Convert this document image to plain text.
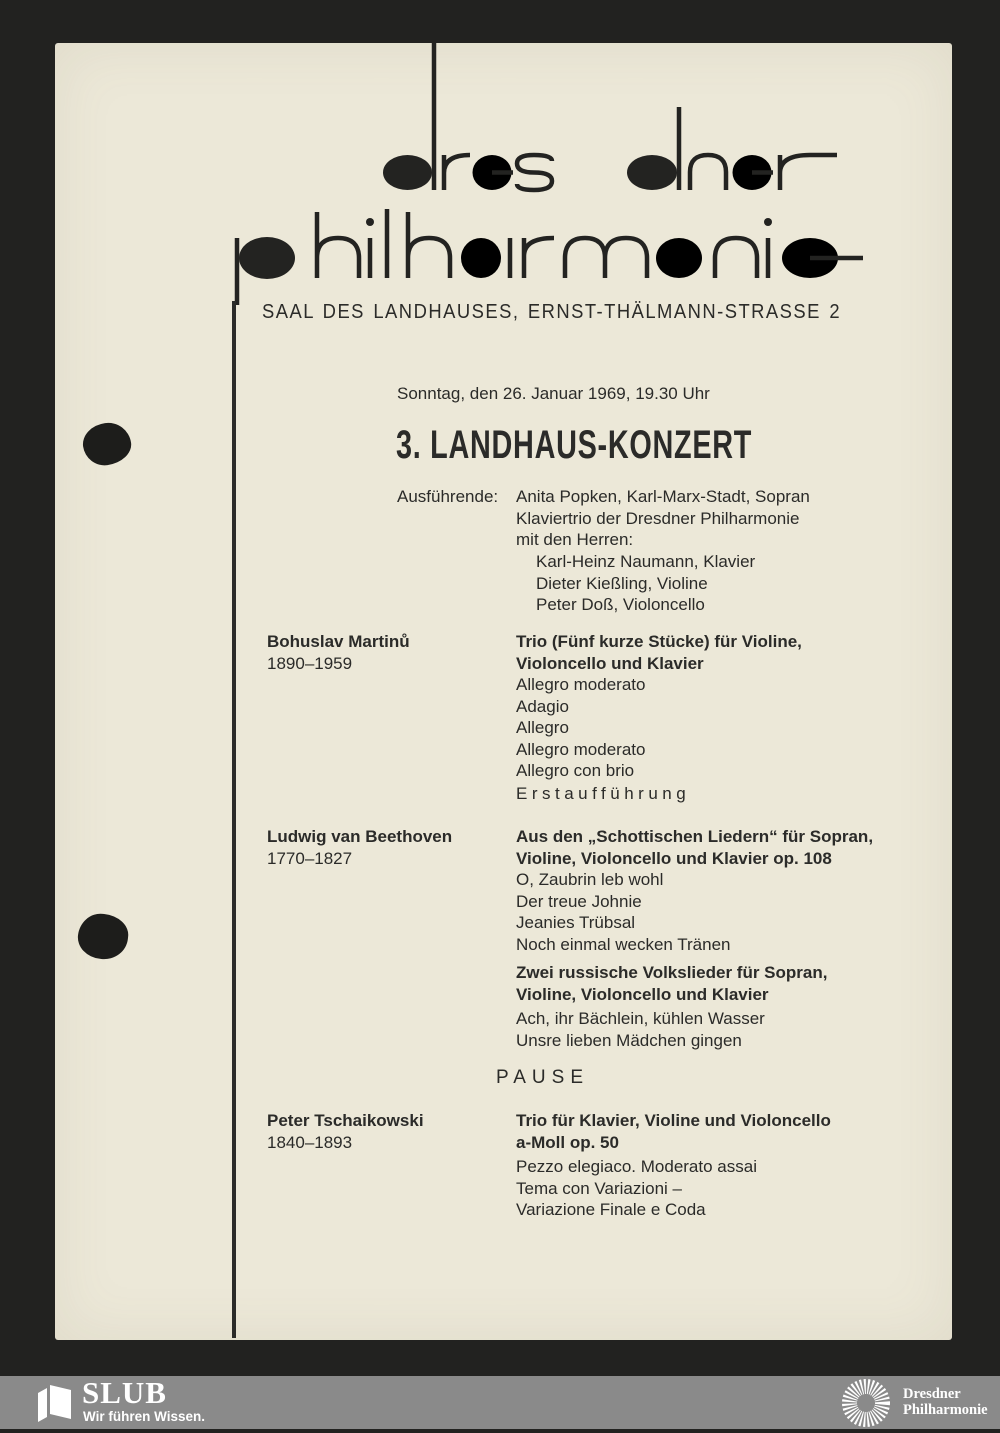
SAAL DES LANDHAUSES, ERNST-THÄLMANN-STRASSE 2
Sonntag, den 26. Januar 1969, 19.30 Uhr
3. LANDHAUS-KONZERT
Ausführende: Anita Popken, Karl-Marx-Stadt, Sopran
Klaviertrio der Dresdner Philharmonie
mit den Herren:
Karl-Heinz Naumann, Klavier
Dieter Kießling, Violine
Peter Doß, Violoncello
Bohuslav Martinů
1890–1959
Trio (Fünf kurze Stücke) für Violine,
Violoncello und Klavier
Allegro moderato
Adagio
Allegro
Allegro moderato
Allegro con brio
Erstaufführung
Ludwig van Beethoven
1770–1827
Aus den „Schottischen Liedern“ für Sopran,
Violine, Violoncello und Klavier op. 108
O, Zaubrin leb wohl
Der treue Johnie
Jeanies Trübsal
Noch einmal wecken Tränen
Zwei russische Volkslieder für Sopran,
Violine, Violoncello und Klavier
Ach, ihr Bächlein, kühlen Wasser
Unsre lieben Mädchen gingen
PAUSE
Peter Tschaikowski
1840–1893
Trio für Klavier, Violine und Violoncello
a-Moll op. 50
Pezzo elegiaco. Moderato assai
Tema con Variazioni –
Variazione Finale e Coda
SLUB
Wir führen Wissen.
Dresdner
Philharmonie
